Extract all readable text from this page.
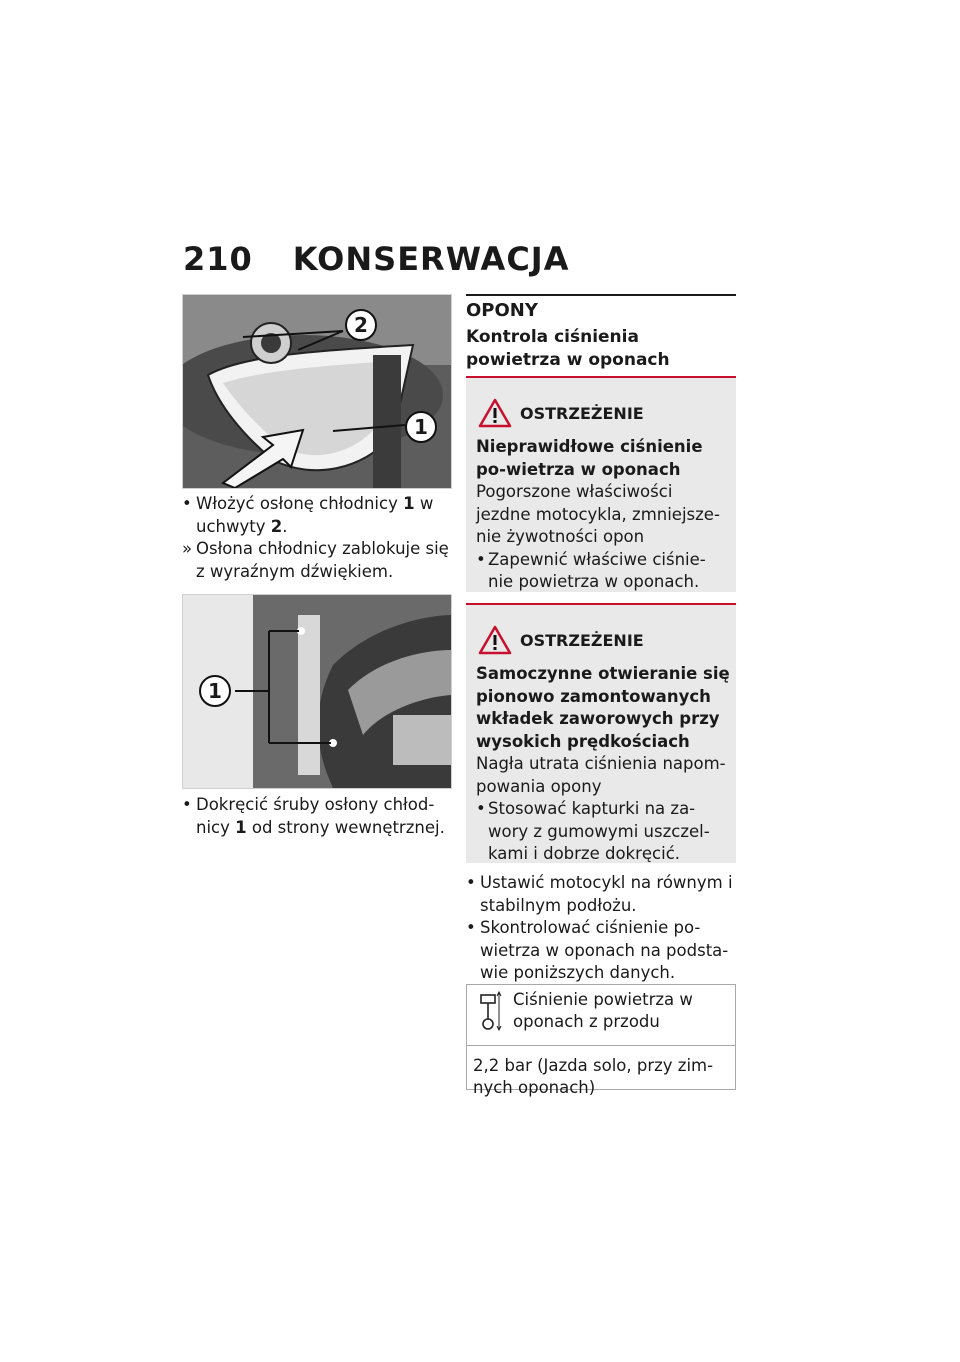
210 KONSERWACJA
2
1
• Włożyć osłonę chłodnicy 1 w uchwyty 2.
» Osłona chłodnicy zablokuje się z wyraźnym dźwiękiem.
1
• Dokręcić śruby osłony chłod-nicy 1 od strony wewnętrznej.
OPONY
Kontrola ciśnienia powietrza w oponach
OSTRZEŻENIE
Nieprawidłowe ciśnienie po-wietrza w oponach
Pogorszone właściwości jezdne motocykla, zmniejsze-nie żywotności opon
• Zapewnić właściwe ciśnie-nie powietrza w oponach.
OSTRZEŻENIE
Samoczynne otwieranie się pionowo zamontowanych wkładek zaworowych przy wysokich prędkościach
Nagła utrata ciśnienia napom-powania opony
• Stosować kapturki na za-wory z gumowymi uszczel-kami i dobrze dokręcić.
• Ustawić motocykl na równym i stabilnym podłożu.
• Skontrolować ciśnienie po-wietrza w oponach na podsta-wie poniższych danych.
Ciśnienie powietrza w oponach z przodu
2,2 bar (Jazda solo, przy zim-nych oponach)
